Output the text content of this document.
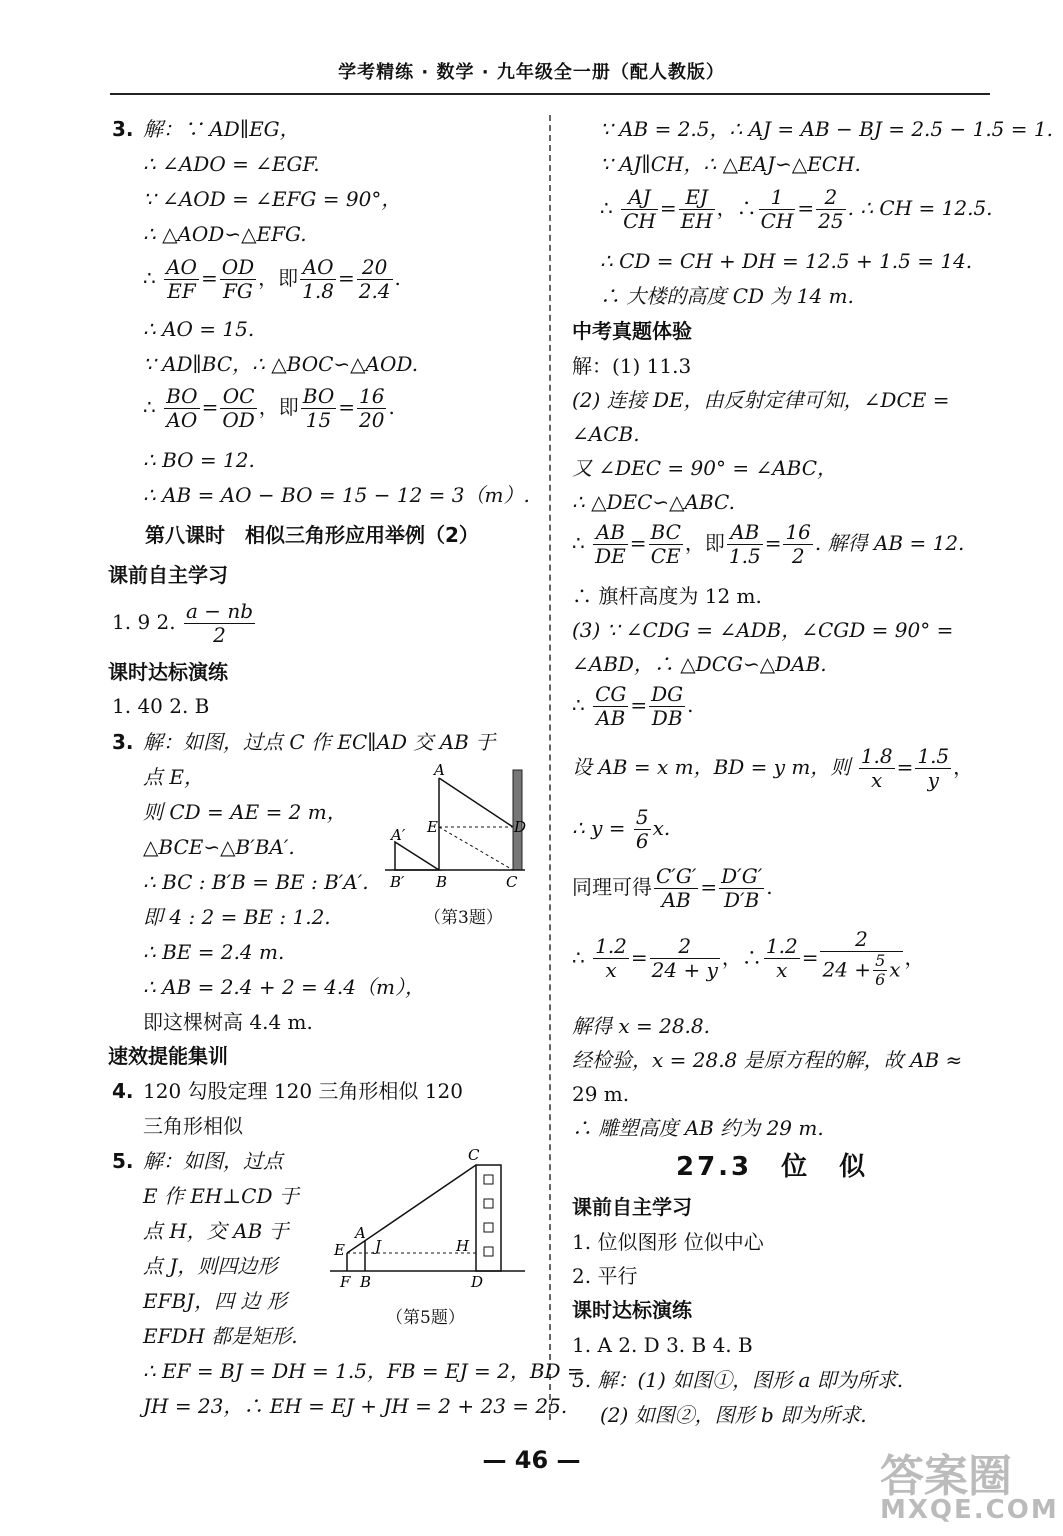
学考精练 · 数学 · 九年级全一册（配人教版）
3. 解：∵ AD∥EG，
∴ ∠ADO = ∠EGF.
∵ ∠AOD = ∠EFG = 90°，
∴ △AOD∽△EFG.
∴ $\frac{AO}{EF} = \frac{OD}{FG}$ ，即 $\frac{AO}{1.8} = \frac{20}{2.4}$ .
∴ AO = 15.
∵ AD∥BC，∴ △BOC∽△AOD.
∴ $\frac{BO}{AO} = \frac{OC}{OD}$ ，即 $\frac{BO}{15} = \frac{16}{20}$ .
∴ BO = 12.
∴ AB = AO − BO = 15 − 12 = 3（m）.
第八课时　相似三角形应用举例（2）
课前自主学习
1. 9 2. $\frac{a - nb}{2}$
课时达标演练
1. 40 2. B
3. 解：如图，过点 C 作 EC∥AD 交 AB 于
点 E，
则 CD = AE = 2 m，
△BCE∽△B′BA′.
∴ BC : B′B = BE : B′A′.
即 4 : 2 = BE : 1.2.
∴ BE = 2.4 m.
∴ AB = 2.4 + 2 = 4.4（m），
即这棵树高 4.4 m.
A
A′ E	D
B′ B	C
（第3题）
速效提能集训
4. 120 勾股定理 120 三角形相似 120
三角形相似
5. 解：如图，过点
E 作 EH⊥CD 于
点 H，交 AB 于
点 J，则四边形
EFBJ，四 边 形
EFDH 都是矩形.
∴ EF = BJ = DH = 1.5，FB = EJ = 2，BD =
JH = 23，∴ EH = EJ + JH = 2 + 23 = 25.
C
A
E J	H
F B	D
（第5题）
∵ AB = 2.5，∴ AJ = AB − BJ = 2.5 − 1.5 = 1.
∵ AJ∥CH，∴ △EAJ∽△ECH.
∴ $\frac{AJ}{CH} = \frac{EJ}{EH}$ ，∴ $\frac{1}{CH} = \frac{2}{25}$ . ∴ CH = 12.5.
∴ CD = CH + DH = 12.5 + 1.5 = 14.
∴ 大楼的高度 CD 为 14 m.
中考真题体验
解：(1) 11.3
(2) 连接 DE，由反射定律可知，∠DCE =
∠ACB.
又 ∠DEC = 90° = ∠ABC，
∴ △DEC∽△ABC.
∴ $\frac{AB}{DE} = \frac{BC}{CE}$ ，即 $\frac{AB}{1.5} = \frac{16}{2}$ . 解得 AB = 12.
∴ 旗杆高度为 12 m.
(3) ∵ ∠CDG = ∠ADB，∠CGD = 90° =
∠ABD，∴ △DCG∽△DAB.
∴ $\frac{CG}{AB} = \frac{DG}{DB}$ .
设 AB = x m，BD = y m，则 $\frac{1.8}{x} = \frac{1.5}{y}$ ，
∴ $y = \frac{5}{6} x$.
同理可得 $\frac{C'G'}{AB} = \frac{D'G'}{D'B}$ .
∴ $\frac{1.2}{x} = \frac{2}{24 + y}$ ，∴ $\frac{1.2}{x} = \frac{2}{24 + \frac{5}{6} x}$ ，
解得 x = 28.8.
经检验，x = 28.8 是原方程的解，故 AB ≈
29 m.
∴ 雕塑高度 AB 约为 29 m.
27.3　位　似
课前自主学习
1. 位似图形 位似中心
2. 平行
课时达标演练
1. A 2. D 3. B 4. B
5. 解：(1) 如图①，图形 a 即为所求.
(2) 如图②，图形 b 即为所求.
— 46 —	答案圈
MXQE.COM
